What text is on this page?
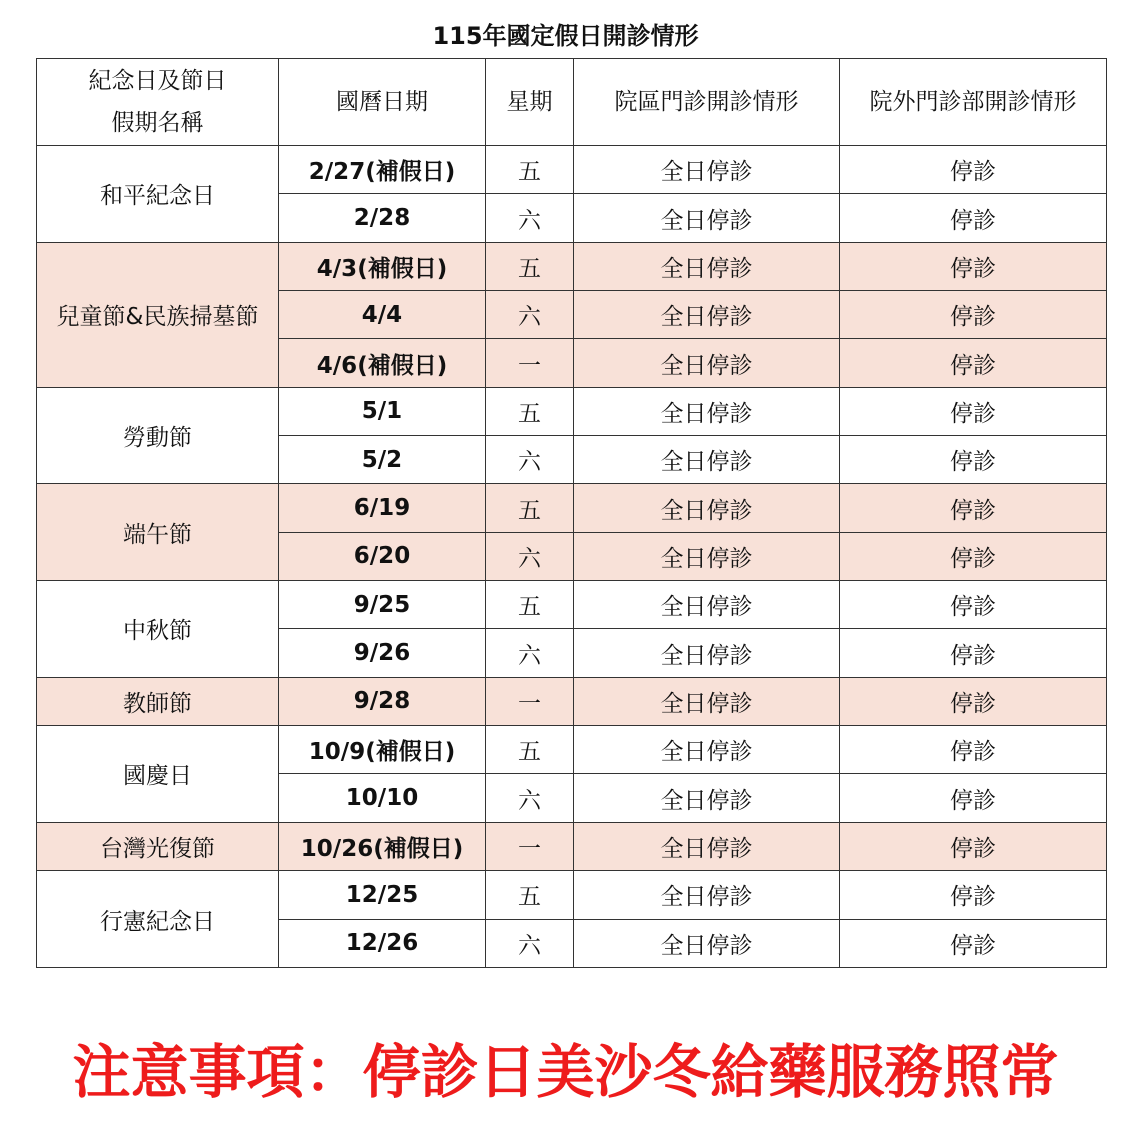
115年國定假日開診情形
紀念日及節日
假期名稱	國曆日期	星期	院區門診開診情形	院外門診部開診情形
和平紀念日	2/27(補假日)	五	全日停診	停診
	2/28	六	全日停診	停診
兒童節&民族掃墓節	4/3(補假日)	五	全日停診	停診
	4/4	六	全日停診	停診
	4/6(補假日)	一	全日停診	停診
勞動節	5/1	五	全日停診	停診
	5/2	六	全日停診	停診
端午節	6/19	五	全日停診	停診
	6/20	六	全日停診	停診
中秋節	9/25	五	全日停診	停診
	9/26	六	全日停診	停診
教師節	9/28	一	全日停診	停診
國慶日	10/9(補假日)	五	全日停診	停診
	10/10	六	全日停診	停診
台灣光復節	10/26(補假日)	一	全日停診	停診
行憲紀念日	12/25	五	全日停診	停診
	12/26	六	全日停診	停診
注意事項：停診日美沙冬給藥服務照常
